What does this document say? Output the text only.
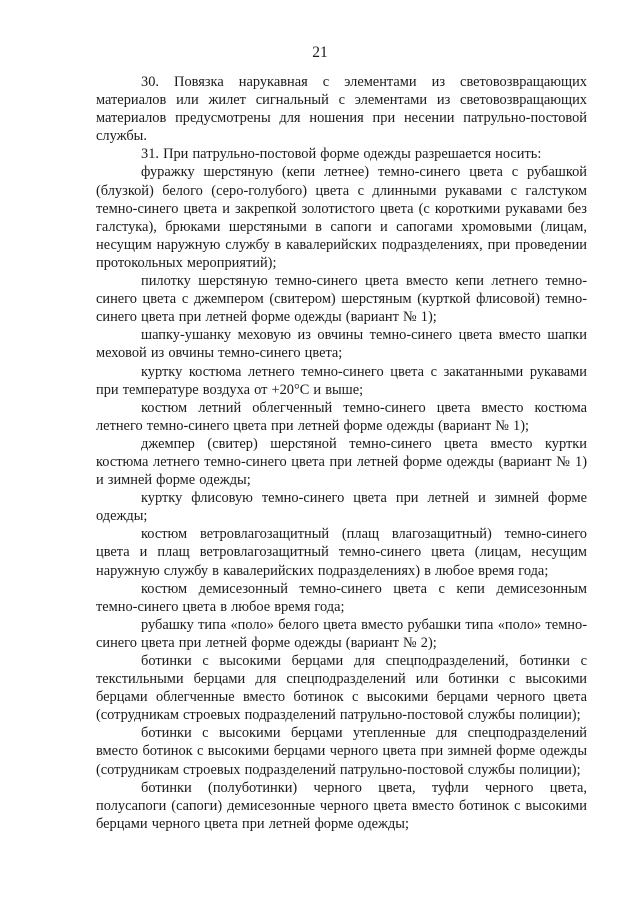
21

30. Повязка нарукавная с элементами из световозвращающих материалов или жилет сигнальный с элементами из световозвращающих материалов предусмотрены для ношения при несении патрульно-постовой службы.

31. При патрульно-постовой форме одежды разрешается носить:

фуражку шерстяную (кепи летнее) темно-синего цвета с рубашкой (блузкой) белого (серо-голубого) цвета с длинными рукавами с галстуком темно-синего цвета и закрепкой золотистого цвета (с короткими рукавами без галстука), брюками шерстяными в сапоги и сапогами хромовыми (лицам, несущим наружную службу в кавалерийских подразделениях, при проведении протокольных мероприятий);

пилотку шерстяную темно-синего цвета вместо кепи летнего темно-синего цвета с джемпером (свитером) шерстяным (курткой флисовой) темно-синего цвета при летней форме одежды (вариант № 1);

шапку-ушанку меховую из овчины темно-синего цвета вместо шапки меховой из овчины темно-синего цвета;

куртку костюма летнего темно-синего цвета с закатанными рукавами при температуре воздуха от +20°С и выше;

костюм летний облегченный темно-синего цвета вместо костюма летнего темно-синего цвета при летней форме одежды (вариант № 1);

джемпер (свитер) шерстяной темно-синего цвета вместо куртки костюма летнего темно-синего цвета при летней форме одежды (вариант № 1) и зимней форме одежды;

куртку флисовую темно-синего цвета при летней и зимней форме одежды;

костюм ветровлагозащитный (плащ влагозащитный) темно-синего цвета и плащ ветровлагозащитный темно-синего цвета (лицам, несущим наружную службу в кавалерийских подразделениях) в любое время года;

костюм демисезонный темно-синего цвета с кепи демисезонным темно-синего цвета в любое время года;

рубашку типа «поло» белого цвета вместо рубашки типа «поло» темно-синего цвета при летней форме одежды (вариант № 2);

ботинки с высокими берцами для спецподразделений, ботинки с текстильными берцами для спецподразделений или ботинки с высокими берцами облегченные вместо ботинок с высокими берцами черного цвета (сотрудникам строевых подразделений патрульно-постовой службы полиции);

ботинки с высокими берцами утепленные для спецподразделений вместо ботинок с высокими берцами черного цвета при зимней форме одежды (сотрудникам строевых подразделений патрульно-постовой службы полиции);

ботинки (полуботинки) черного цвета, туфли черного цвета, полусапоги (сапоги) демисезонные черного цвета вместо ботинок с высокими берцами черного цвета при летней форме одежды;
